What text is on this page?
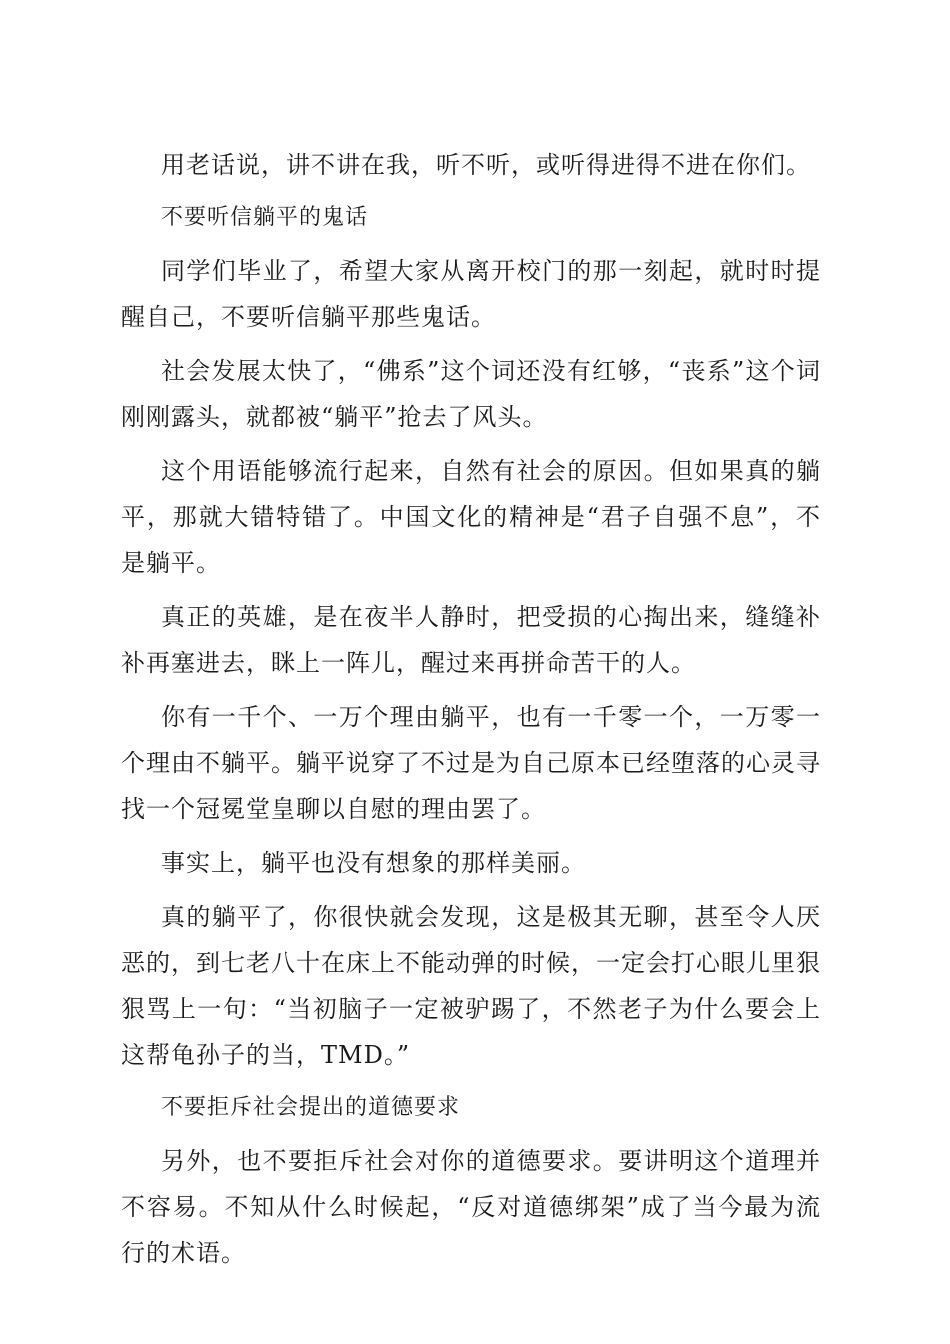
用老话说，讲不讲在我，听不听，或听得进得不进在你们。

不要听信躺平的鬼话

同学们毕业了，希望大家从离开校门的那一刻起，就时时提醒自己，不要听信躺平那些鬼话。

社会发展太快了，“佛系”这个词还没有红够，“丧系”这个词刚刚露头，就都被“躺平”抢去了风头。

这个用语能够流行起来，自然有社会的原因。但如果真的躺平，那就大错特错了。中国文化的精神是“君子自强不息”，不是躺平。

真正的英雄，是在夜半人静时，把受损的心掏出来，缝缝补补再塞进去，眯上一阵儿，醒过来再拼命苦干的人。

你有一千个、一万个理由躺平，也有一千零一个，一万零一个理由不躺平。躺平说穿了不过是为自己原本已经堕落的心灵寻找一个冠冕堂皇聊以自慰的理由罢了。

事实上，躺平也没有想象的那样美丽。

真的躺平了，你很快就会发现，这是极其无聊，甚至令人厌恶的，到七老八十在床上不能动弹的时候，一定会打心眼儿里狠狠骂上一句：“当初脑子一定被驴踢了，不然老子为什么要会上这帮龟孙子的当，TMD。”

不要拒斥社会提出的道德要求

另外，也不要拒斥社会对你的道德要求。要讲明这个道理并不容易。不知从什么时候起，“反对道德绑架”成了当今最为流行的术语。
